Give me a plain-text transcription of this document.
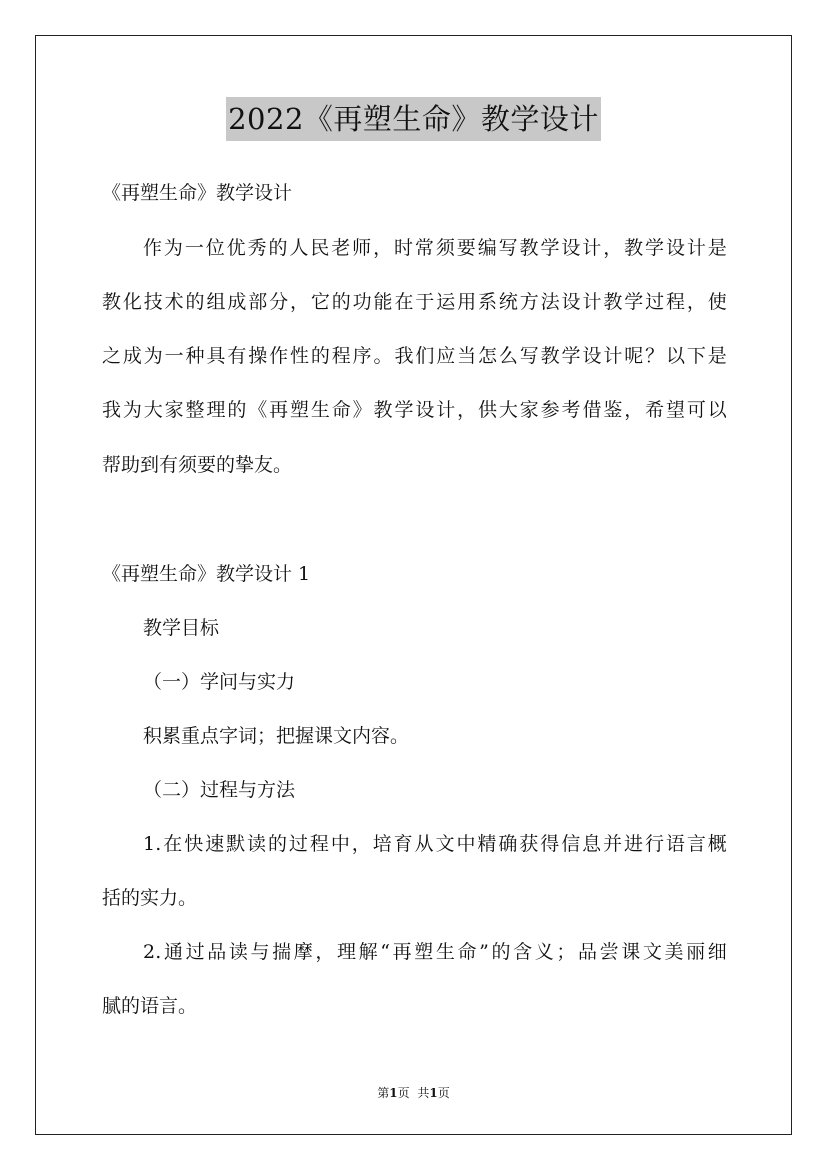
2022《再塑生命》教学设计
《再塑生命》教学设计
作为一位优秀的人民老师，时常须要编写教学设计，教学设计是
教化技术的组成部分，它的功能在于运用系统方法设计教学过程，使
之成为一种具有操作性的程序。我们应当怎么写教学设计呢？以下是
我为大家整理的《再塑生命》教学设计，供大家参考借鉴，希望可以
帮助到有须要的挚友。
《再塑生命》教学设计 1
教学目标
（一）学问与实力
积累重点字词；把握课文内容。
（二）过程与方法
1.在快速默读的过程中，培育从文中精确获得信息并进行语言概
括的实力。
2.通过品读与揣摩，理解“再塑生命”的含义；品尝课文美丽细
腻的语言。
第1页 共1页
